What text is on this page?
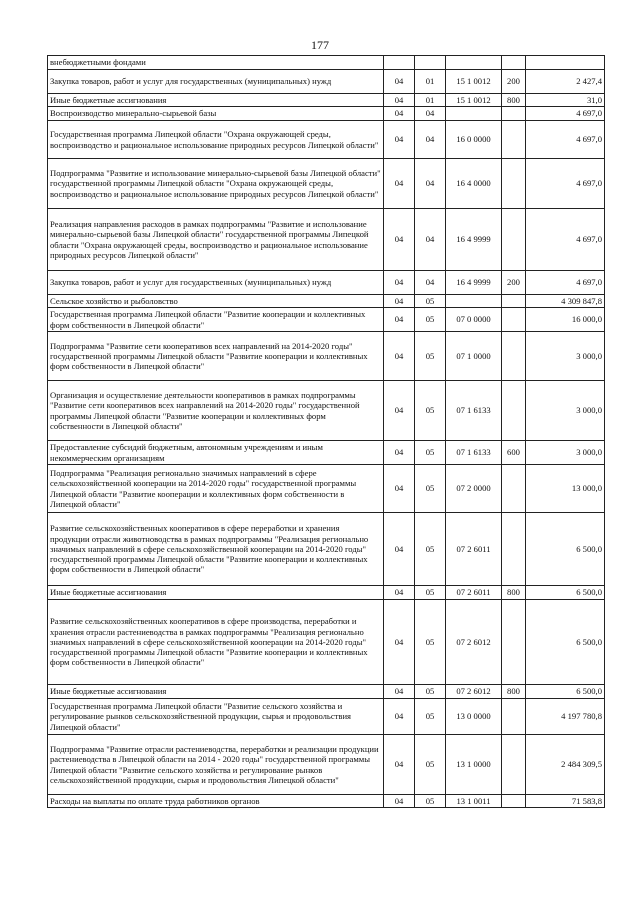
177
внебюджетными фондами					
Закупка товаров, работ и услуг для государственных (муниципальных) нужд	04	01	15 1 0012	200	2 427,4
Иные бюджетные ассигнования	04	01	15 1 0012	800	31,0
Воспроизводство минерально-сырьевой базы	04	04			4 697,0
Государственная программа Липецкой области "Охрана окружающей среды, воспроизводство и рациональное использование природных ресурсов Липецкой области"	04	04	16 0 0000		4 697,0
Подпрограмма "Развитие и использование минерально-сырьевой базы Липецкой области" государственной программы Липецкой области "Охрана окружающей среды, воспроизводство и рациональное использование природных ресурсов Липецкой области"	04	04	16 4 0000		4 697,0
Реализация направления расходов в рамках подпрограммы "Развитие и использование минерально-сырьевой базы Липецкой области" государственной программы Липецкой области "Охрана окружающей среды, воспроизводство и рациональное использование природных ресурсов Липецкой области"	04	04	16 4 9999		4 697,0
Закупка товаров, работ и услуг для государственных (муниципальных) нужд	04	04	16 4 9999	200	4 697,0
Сельское хозяйство и рыболовство	04	05			4 309 847,8
Государственная программа Липецкой области "Развитие кооперации и коллективных форм собственности в Липецкой области"	04	05	07 0 0000		16 000,0
Подпрограмма "Развитие сети кооперативов всех направлений на 2014-2020 годы" государственной программы Липецкой области "Развитие кооперации и коллективных форм собственности в Липецкой области"	04	05	07 1 0000		3 000,0
Организация и осуществление деятельности кооперативов в рамках подпрограммы "Развитие сети кооперативов всех направлений на 2014-2020 годы" государственной программы Липецкой области "Развитие кооперации и коллективных форм собственности в Липецкой области"	04	05	07 1 6133		3 000,0
Предоставление субсидий бюджетным, автономным учреждениям и иным некоммерческим организациям	04	05	07 1 6133	600	3 000,0
Подпрограмма "Реализация регионально значимых направлений в сфере сельскохозяйственной кооперации на 2014-2020 годы" государственной программы Липецкой области "Развитие кооперации и коллективных форм собственности в Липецкой области"	04	05	07 2 0000		13 000,0
Развитие сельскохозяйственных кооперативов в сфере переработки и хранения продукции отрасли животноводства в рамках подпрограммы "Реализация регионально значимых направлений в сфере сельскохозяйственной кооперации на 2014-2020 годы" государственной программы Липецкой области "Развитие кооперации и коллективных форм собственности в Липецкой области"	04	05	07 2 6011		6 500,0
Иные бюджетные ассигнования	04	05	07 2 6011	800	6 500,0
Развитие сельскохозяйственных кооперативов в сфере производства, переработки и хранения отрасли растениеводства в рамках подпрограммы "Реализация регионально значимых направлений в сфере сельскохозяйственной кооперации на 2014-2020 годы" государственной программы Липецкой области "Развитие кооперации и коллективных форм собственности в Липецкой области"	04	05	07 2 6012		6 500,0
Иные бюджетные ассигнования	04	05	07 2 6012	800	6 500,0
Государственная программа Липецкой области "Развитие сельского хозяйства и регулирование рынков сельскохозяйственной продукции, сырья и продовольствия Липецкой области"	04	05	13 0 0000		4 197 780,8
Подпрограмма "Развитие отрасли растениеводства, переработки и реализации продукции растениеводства в Липецкой области на 2014 - 2020 годы" государственной программы Липецкой области "Развитие сельского хозяйства и регулирование рынков сельскохозяйственной продукции, сырья и продовольствия Липецкой области"	04	05	13 1 0000		2 484 309,5
Расходы на выплаты по оплате труда работников органов	04	05	13 1 0011		71 583,8
